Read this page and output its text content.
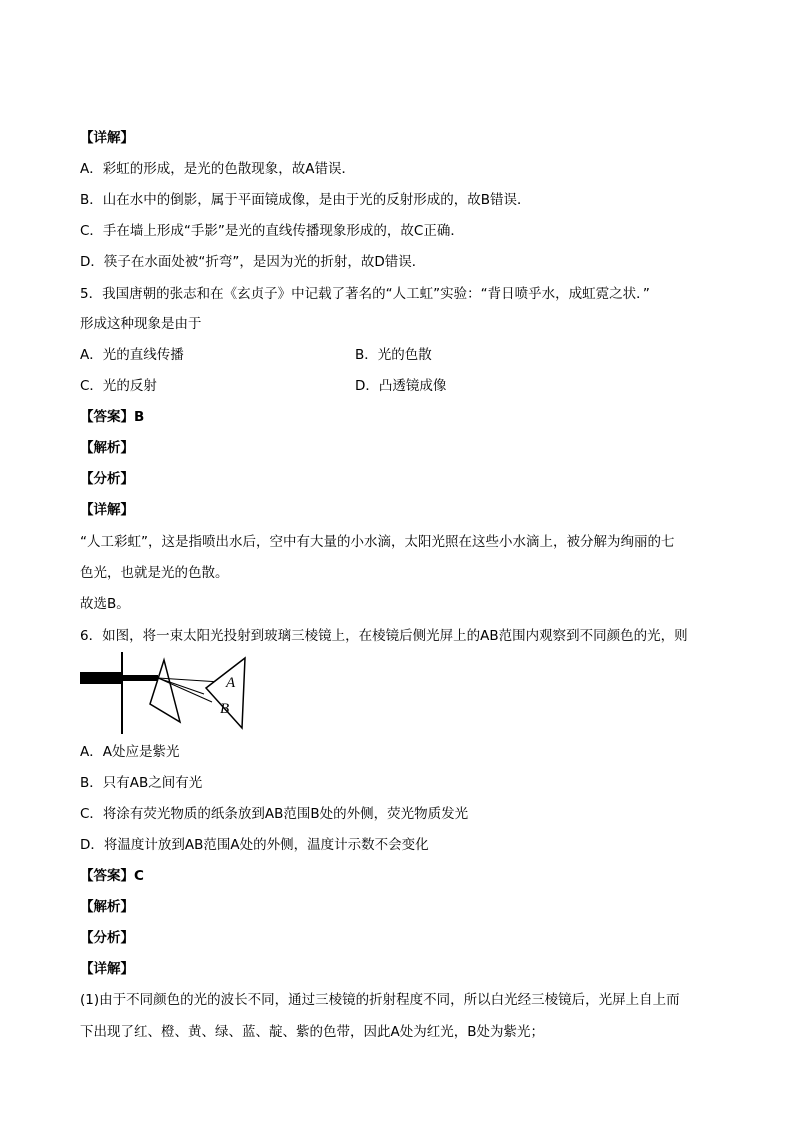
【详解】
A．彩虹的形成，是光的色散现象，故A错误．
B．山在水中的倒影，属于平面镜成像，是由于光的反射形成的，故B错误．
C．手在墙上形成“手影”是光的直线传播现象形成的，故C正确．
D．筷子在水面处被“折弯”，是因为光的折射，故D错误．
5．我国唐朝的张志和在《玄贞子》中记载了著名的“人工虹”实验：“背日喷乎水，成虹霓之状．”
形成这种现象是由于
A．光的直线传播	B．光的色散
C．光的反射	D．凸透镜成像
【答案】B
【解析】
【分析】
【详解】
“人工彩虹”，这是指喷出水后，空中有大量的小水滴，太阳光照在这些小水滴上，被分解为绚丽的七
色光，也就是光的色散。
故选B。
6．如图，将一束太阳光投射到玻璃三棱镜上，在棱镜后侧光屏上的AB范围内观察到不同颜色的光，则
A
B
A．A处应是紫光
B．只有AB之间有光
C．将涂有荧光物质的纸条放到AB范围B处的外侧，荧光物质发光
D．将温度计放到AB范围A处的外侧，温度计示数不会变化
【答案】C
【解析】
【分析】
【详解】
(1)由于不同颜色的光的波长不同，通过三棱镜的折射程度不同，所以白光经三棱镜后，光屏上自上而
下出现了红、橙、黄、绿、蓝、靛、紫的色带，因此A处为红光，B处为紫光；
